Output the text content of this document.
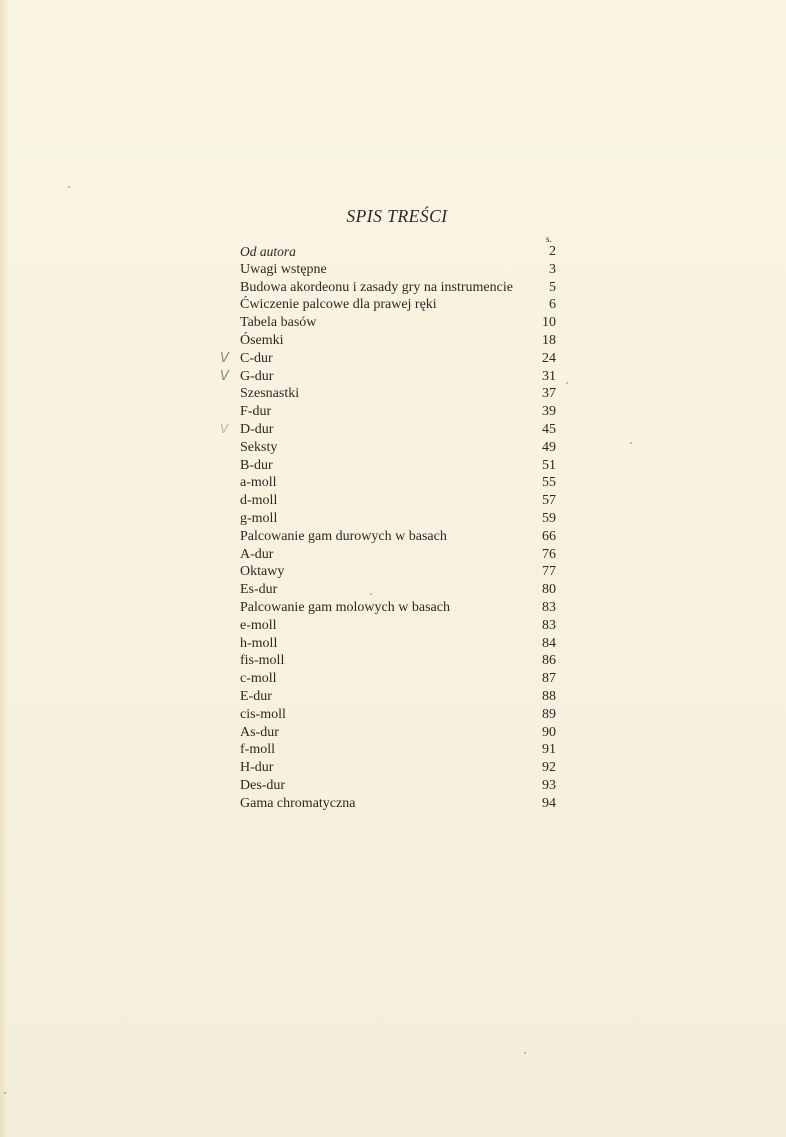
SPIS TREŚCI
s.
Od autora	2
Uwagi wstępne	3
Budowa akordeonu i zasady gry na instrumencie	5
Ćwiczenie palcowe dla prawej ręki	6
Tabela basów	10
Ósemki	18
V C-dur	24
V G-dur	31
Szesnastki	37
F-dur	39
V D-dur	45
Seksty	49
B-dur	51
a-moll	55
d-moll	57
g-moll	59
Palcowanie gam durowych w basach	66
A-dur	76
Oktawy	77
Es-dur	80
Palcowanie gam molowych w basach	83
e-moll	83
h-moll	84
fis-moll	86
c-moll	87
E-dur	88
cis-moll	89
As-dur	90
f-moll	91
H-dur	92
Des-dur	93
Gama chromatyczna	94
